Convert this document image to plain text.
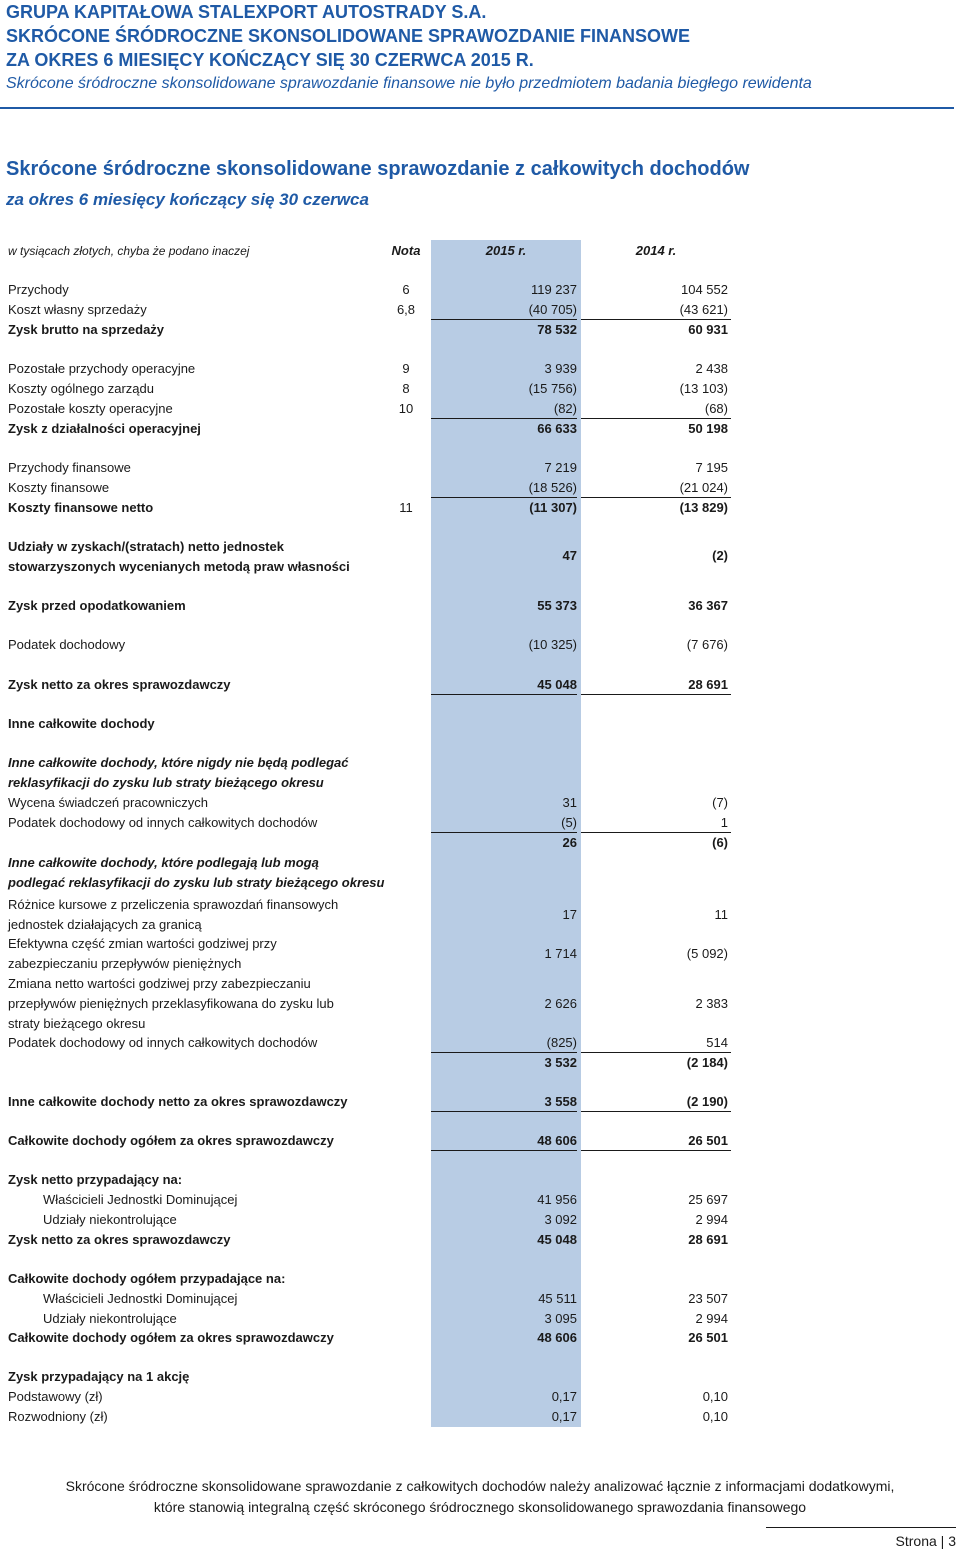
GRUPA KAPITAŁOWA STALEXPORT AUTOSTRADY S.A.
SKRÓCONE ŚRÓDROCZNE SKONSOLIDOWANE SPRAWOZDANIE FINANSOWE
ZA OKRES 6 MIESIĘCY KOŃCZĄCY SIĘ 30 CZERWCA 2015 R.
Skrócone śródroczne skonsolidowane sprawozdanie finansowe nie było przedmiotem badania biegłego rewidenta
Skrócone śródroczne skonsolidowane sprawozdanie z całkowitych dochodów
za okres 6 miesięcy kończący się 30 czerwca
w tysiącach złotych, chyba że podano inaczej	Nota	2015 r.	2014 r.
Przychody	6	119 237	104 552
Koszt własny sprzedaży	6,8	(40 705)	(43 621)
Zysk brutto na sprzedaży	78 532	60 931
Pozostałe przychody operacyjne	9	3 939	2 438
Koszty ogólnego zarządu	8	(15 756)	(13 103)
Pozostałe koszty operacyjne	10	(82)	(68)
Zysk z działalności operacyjnej	66 633	50 198
Przychody finansowe	7 219	7 195
Koszty finansowe	(18 526)	(21 024)
Koszty finansowe netto	11	(11 307)	(13 829)
Udziały w zyskach/(stratach) netto jednostek
stowarzyszonych wycenianych metodą praw własności
47	(2)
Zysk przed opodatkowaniem	55 373	36 367
Podatek dochodowy	(10 325)	(7 676)
Zysk netto za okres sprawozdawczy	45 048	28 691
Inne całkowite dochody
Inne całkowite dochody, które nigdy nie będą podlegać
reklasyfikacji do zysku lub straty bieżącego okresu
Wycena świadczeń pracowniczych	31	(7)
Podatek dochodowy od innych całkowitych dochodów	(5)	1
26	(6)
Inne całkowite dochody, które podlegają lub mogą
podlegać reklasyfikacji do zysku lub straty bieżącego okresu
Różnice kursowe z przeliczenia sprawozdań finansowych
jednostek działających za granicą
17	11
Efektywna część zmian wartości godziwej przy
zabezpieczaniu przepływów pieniężnych
1 714	(5 092)
Zmiana netto wartości godziwej przy zabezpieczaniu
przepływów pieniężnych przeklasyfikowana do zysku lub
straty bieżącego okresu
2 626	2 383
Podatek dochodowy od innych całkowitych dochodów	(825)	514
3 532	(2 184)
Inne całkowite dochody netto za okres sprawozdawczy	3 558	(2 190)
Całkowite dochody ogółem za okres sprawozdawczy	48 606	26 501
Zysk netto przypadający na:
Właścicieli Jednostki Dominującej	41 956	25 697
Udziały niekontrolujące	3 092	2 994
Zysk netto za okres sprawozdawczy	45 048	28 691
Całkowite dochody ogółem przypadające na:
Właścicieli Jednostki Dominującej	45 511	23 507
Udziały niekontrolujące	3 095	2 994
Całkowite dochody ogółem za okres sprawozdawczy	48 606	26 501
Zysk przypadający na 1 akcję
Podstawowy (zł)	0,17	0,10
Rozwodniony (zł)	0,17	0,10
Skrócone śródroczne skonsolidowane sprawozdanie z całkowitych dochodów należy analizować łącznie z informacjami dodatkowymi,
które stanowią integralną część skróconego śródrocznego skonsolidowanego sprawozdania finansowego
Strona | 3
